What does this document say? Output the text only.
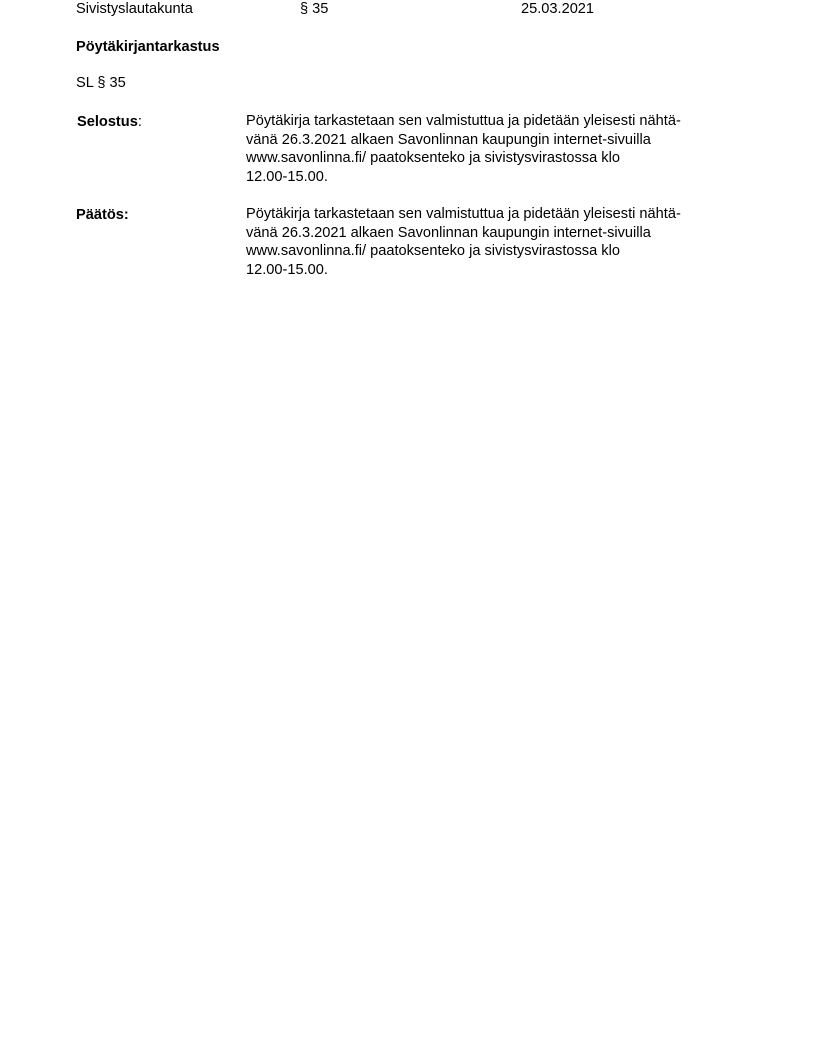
Sivistyslautakunta	§ 35	25.03.2021
Pöytäkirjantarkastus
SL § 35
Selostus:	Pöytäkirja tarkastetaan sen valmistuttua ja pidetään yleisesti nähtä-
vänä 26.3.2021 alkaen Savonlinnan kaupungin internet-sivuilla
www.savonlinna.fi/ paatoksenteko ja sivistysvirastossa klo
12.00-15.00.
Päätös:	Pöytäkirja tarkastetaan sen valmistuttua ja pidetään yleisesti nähtä-
vänä 26.3.2021 alkaen Savonlinnan kaupungin internet-sivuilla
www.savonlinna.fi/ paatoksenteko ja sivistysvirastossa klo
12.00-15.00.
